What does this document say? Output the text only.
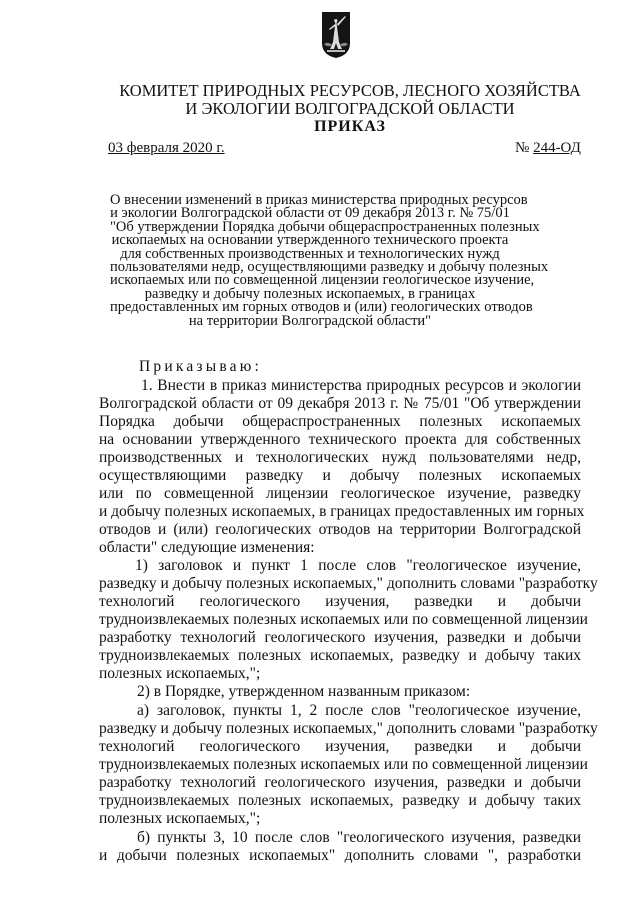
КОМИТЕТ ПРИРОДНЫХ РЕСУРСОВ, ЛЕСНОГО ХОЗЯЙСТВА
И ЭКОЛОГИИ ВОЛГОГРАДСКОЙ ОБЛАСТИ
ПРИКАЗ
03 февраля 2020 г.	№ 244-ОД
О внесении изменений в приказ министерства природных ресурсов
и экологии Волгоградской области от 09 декабря 2013 г. № 75/01
"Об утверждении Порядка добычи общераспространенных полезных
ископаемых на основании утвержденного технического проекта
для собственных производственных и технологических нужд
пользователями недр, осуществляющими разведку и добычу полезных
ископаемых или по совмещенной лицензии геологическое изучение,
разведку и добычу полезных ископаемых, в границах
предоставленных им горных отводов и (или) геологических отводов
на территории Волгоградской области"
Приказываю:
1. Внести в приказ министерства природных ресурсов и экологии
Волгоградской области от 09 декабря 2013 г. № 75/01 "Об утверждении
Порядка добычи общераспространенных полезных ископаемых
на основании утвержденного технического проекта для собственных
производственных и технологических нужд пользователями недр,
осуществляющими разведку и добычу полезных ископаемых
или по совмещенной лицензии геологическое изучение, разведку
и добычу полезных ископаемых, в границах предоставленных им горных
отводов и (или) геологических отводов на территории Волгоградской
области" следующие изменения:
1) заголовок и пункт 1 после слов "геологическое изучение,
разведку и добычу полезных ископаемых," дополнить словами "разработку
технологий геологического изучения, разведки и добычи
трудноизвлекаемых полезных ископаемых или по совмещенной лицензии
разработку технологий геологического изучения, разведки и добычи
трудноизвлекаемых полезных ископаемых, разведку и добычу таких
полезных ископаемых,";
2) в Порядке, утвержденном названным приказом:
а) заголовок, пункты 1, 2 после слов "геологическое изучение,
разведку и добычу полезных ископаемых," дополнить словами "разработку
технологий геологического изучения, разведки и добычи
трудноизвлекаемых полезных ископаемых или по совмещенной лицензии
разработку технологий геологического изучения, разведки и добычи
трудноизвлекаемых полезных ископаемых, разведку и добычу таких
полезных ископаемых,";
б) пункты 3, 10 после слов "геологического изучения, разведки
и добычи полезных ископаемых" дополнить словами ", разработки
